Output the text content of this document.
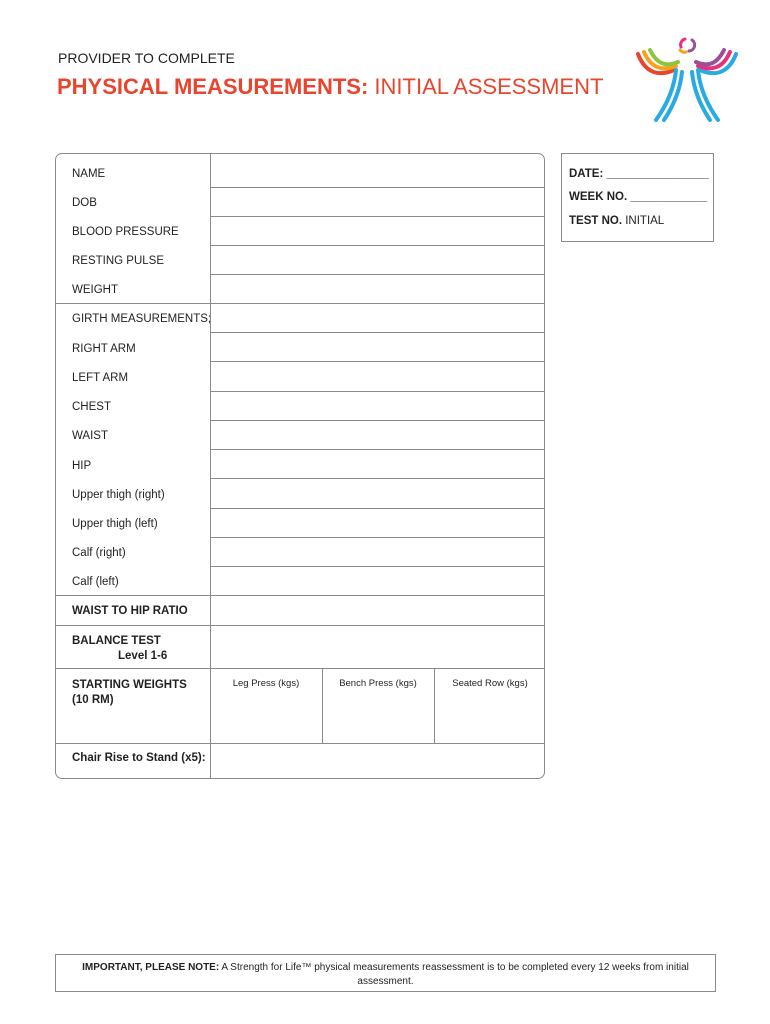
PROVIDER TO COMPLETE
PHYSICAL MEASUREMENTS: INITIAL ASSESSMENT
NAME
DOB
BLOOD PRESSURE
RESTING PULSE
WEIGHT
GIRTH MEASUREMENTS;
RIGHT ARM
LEFT ARM
CHEST
WAIST
HIP
Upper thigh (right)
Upper thigh (left)
Calf (right)
Calf (left)
WAIST TO HIP RATIO
BALANCE TEST
Level 1-6
STARTING WEIGHTS
(10 RM)
Chair Rise to Stand (x5):
Leg Press (kgs)	Bench Press (kgs)	Seated Row (kgs)
DATE: ________________
WEEK NO. ____________
TEST NO. INITIAL
IMPORTANT, PLEASE NOTE: A Strength for Life™ physical measurements reassessment is to be completed every 12 weeks from initial assessment.
